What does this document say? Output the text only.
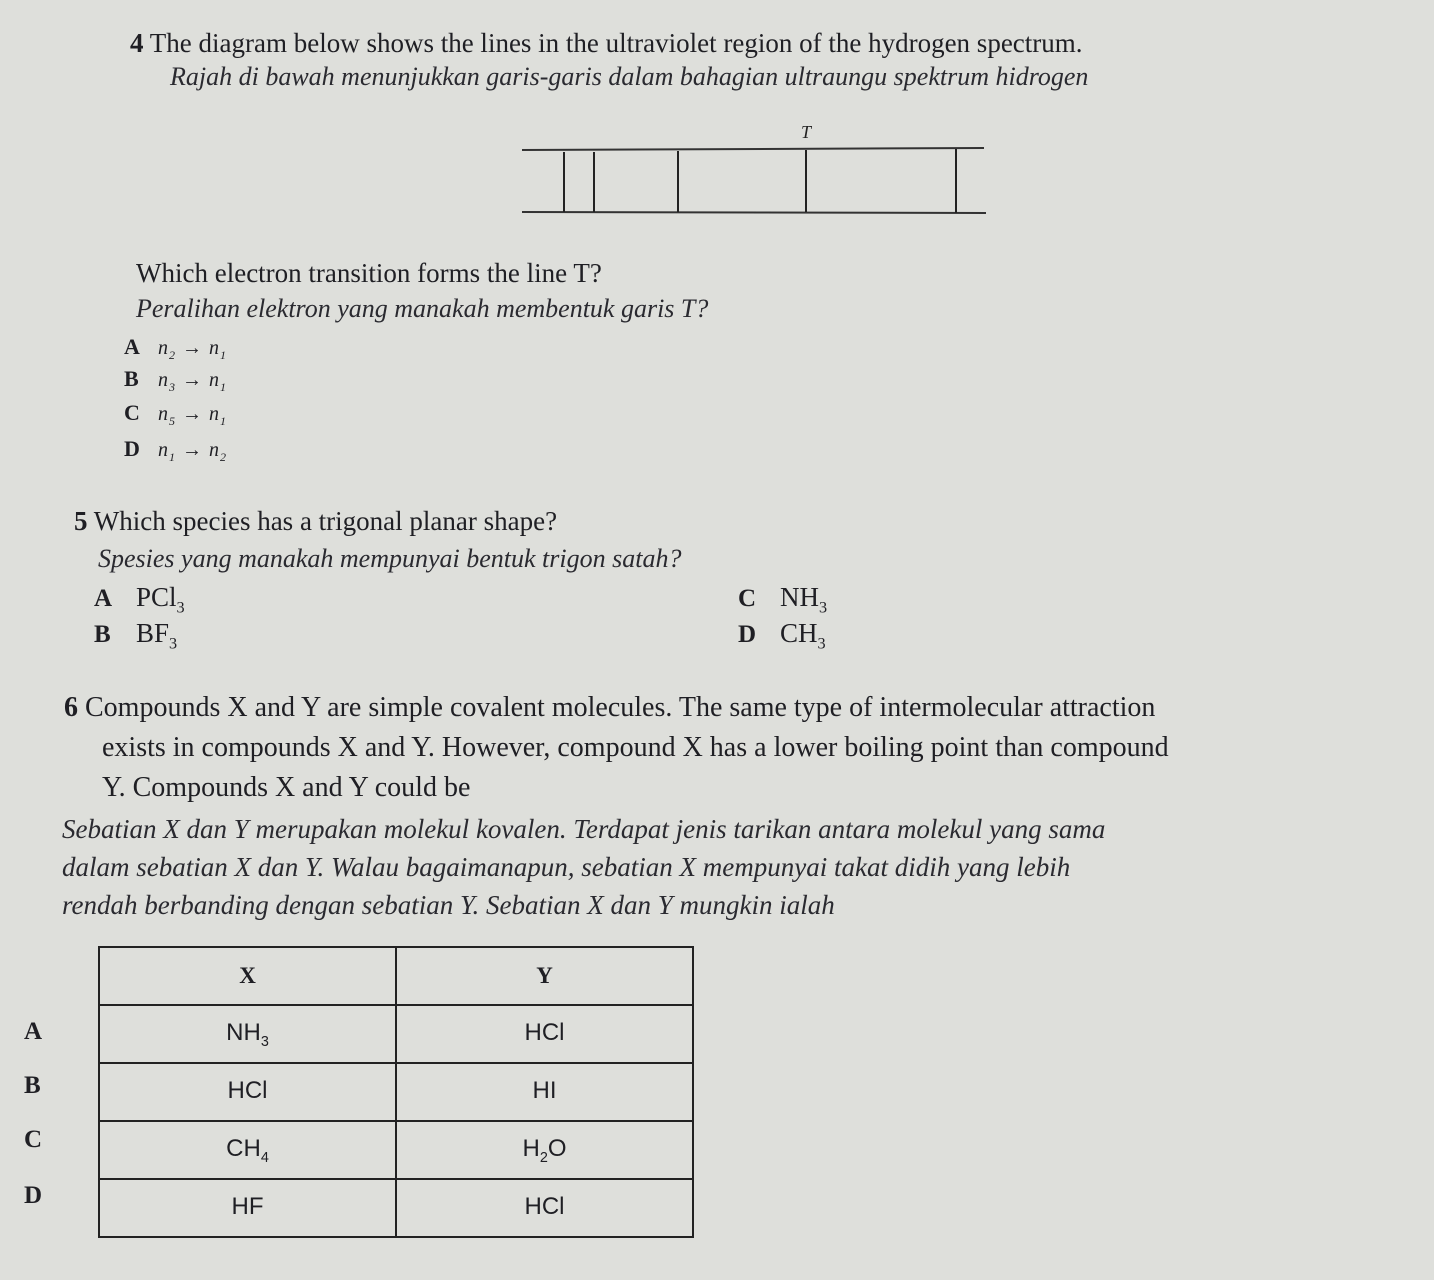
4 The diagram below shows the lines in the ultraviolet region of the hydrogen spectrum.
Rajah di bawah menunjukkan garis-garis dalam bahagian ultraungu spektrum hidrogen
T
Which electron transition forms the line T?
Peralihan elektron yang manakah membentuk garis T?
A $n_2 \to n_1$
B $n_3 \to n_1$
C $n_5 \to n_1$
D $n_1 \to n_2$
5 Which species has a trigonal planar shape?
Spesies yang manakah mempunyai bentuk trigon satah?
A PCl$_3$
B $BF_3$
C $NH_3$
D $CH_3$
6 Compounds X and Y are simple covalent molecules. The same type of intermolecular attraction
exists in compounds X and Y. However, compound X has a lower boiling point than compound
Y. Compounds X and Y could be
Sebatian X dan Y merupakan molekul kovalen. Terdapat jenis tarikan antara molekul yang sama
dalam sebatian X dan Y. Walau bagaimanapun, sebatian X mempunyai takat didih yang lebih
rendah berbanding dengan sebatian Y. Sebatian X dan Y mungkin ialah
A
B
C
D
X	Y
$NH_3$	HCl
HCl	HI
$CH_4$	$H_2O$
HF	HCl
